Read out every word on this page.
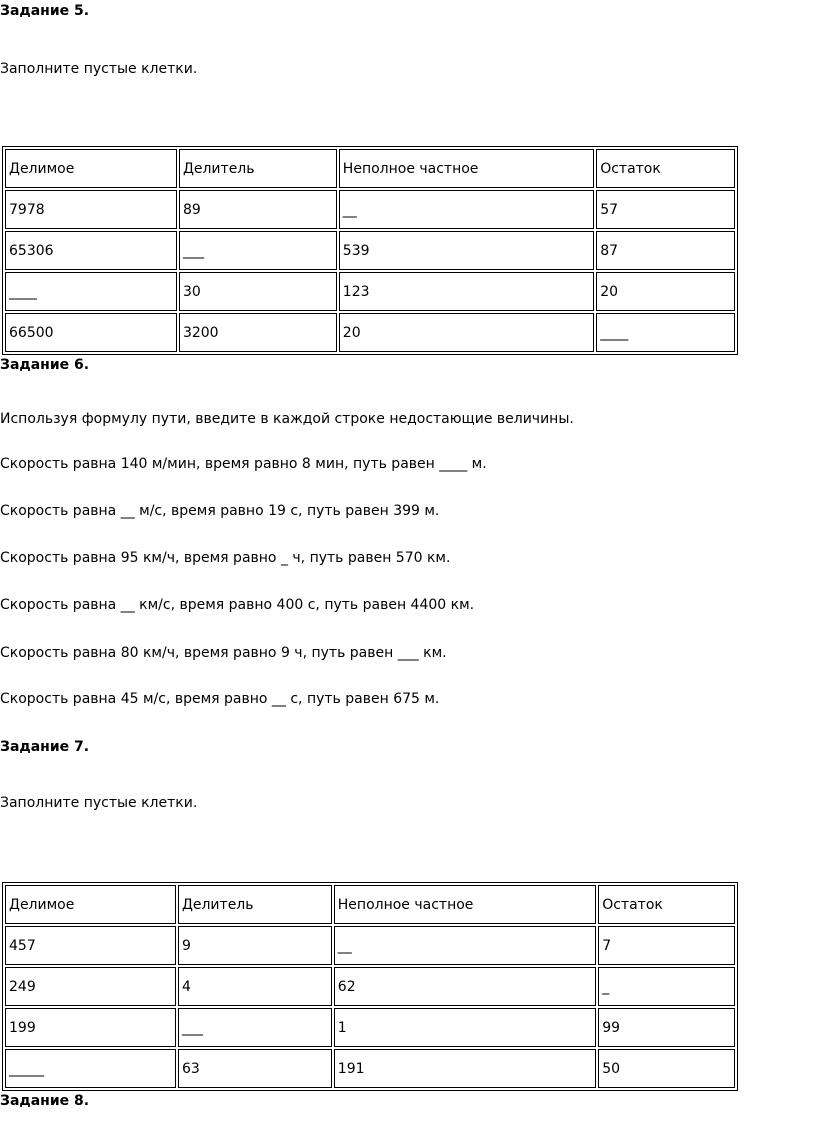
Задание 5.
Заполните пустые клетки.
Делимое	Делитель	Неполное частное	Остаток
7978	89	__	57
65306	___	539	87
____	30	123	20
66500	3200	20	____
Задание 6.
Используя формулу пути, введите в каждой строке недостающие величины.
Скорость равна 140 м/мин, время равно 8 мин, путь равен ____ м.
Скорость равна __ м/с, время равно 19 с, путь равен 399 м.
Скорость равна 95 км/ч, время равно _ ч, путь равен 570 км.
Скорость равна __ км/с, время равно 400 с, путь равен 4400 км.
Скорость равна 80 км/ч, время равно 9 ч, путь равен ___ км.
Скорость равна 45 м/с, время равно __ с, путь равен 675 м.
Задание 7.
Заполните пустые клетки.
Делимое	Делитель	Неполное частное	Остаток
457	9	__	7
249	4	62	_
199	___	1	99
_____	63	191	50
Задание 8.
